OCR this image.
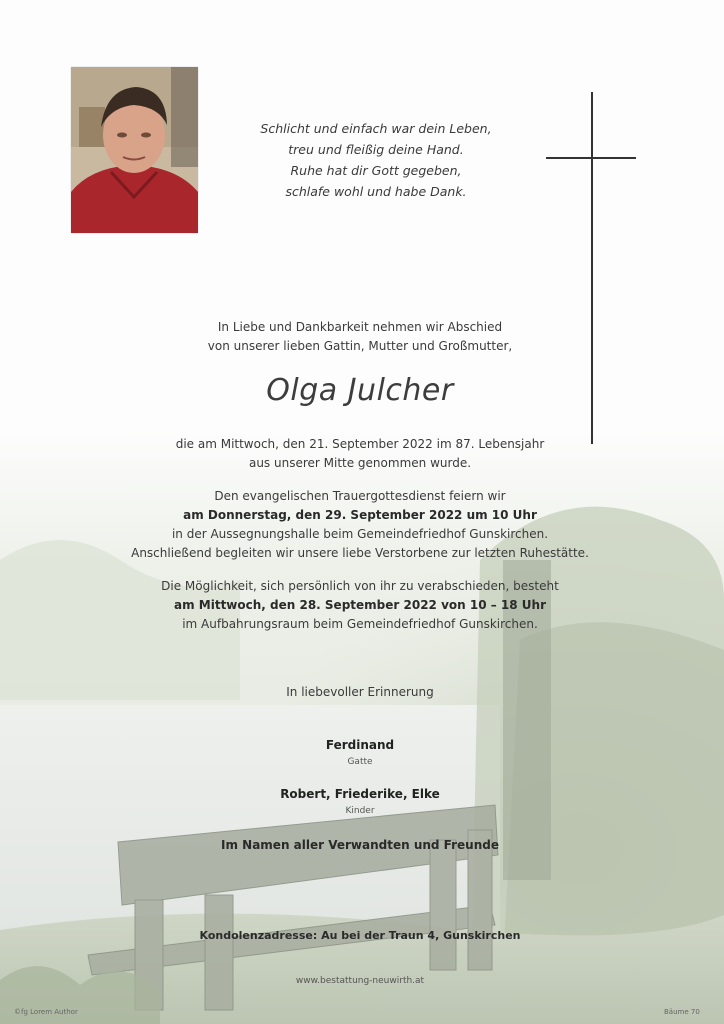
Schlicht und einfach war dein Leben,
treu und fleißig deine Hand.
Ruhe hat dir Gott gegeben,
schlafe wohl und habe Dank.
In Liebe und Dankbarkeit nehmen wir Abschied
von unserer lieben Gattin, Mutter und Großmutter,
Olga Julcher
die am Mittwoch, den 21. September 2022 im 87. Lebensjahr
aus unserer Mitte genommen wurde.
Den evangelischen Trauergottesdienst feiern wir
am Donnerstag, den 29. September 2022 um 10 Uhr
in der Aussegnungshalle beim Gemeindefriedhof Gunskirchen.
Anschließend begleiten wir unsere liebe Verstorbene zur letzten Ruhestätte.
Die Möglichkeit, sich persönlich von ihr zu verabschieden, besteht
am Mittwoch, den 28. September 2022 von 10 – 18 Uhr
im Aufbahrungsraum beim Gemeindefriedhof Gunskirchen.
In liebevoller Erinnerung
Ferdinand
Gatte
Robert, Friederike, Elke
Kinder
Im Namen aller Verwandten und Freunde
Kondolenzadresse: Au bei der Traun 4, Gunskirchen
www.bestattung-neuwirth.at
©fg Lorem Author	Bäume 70
